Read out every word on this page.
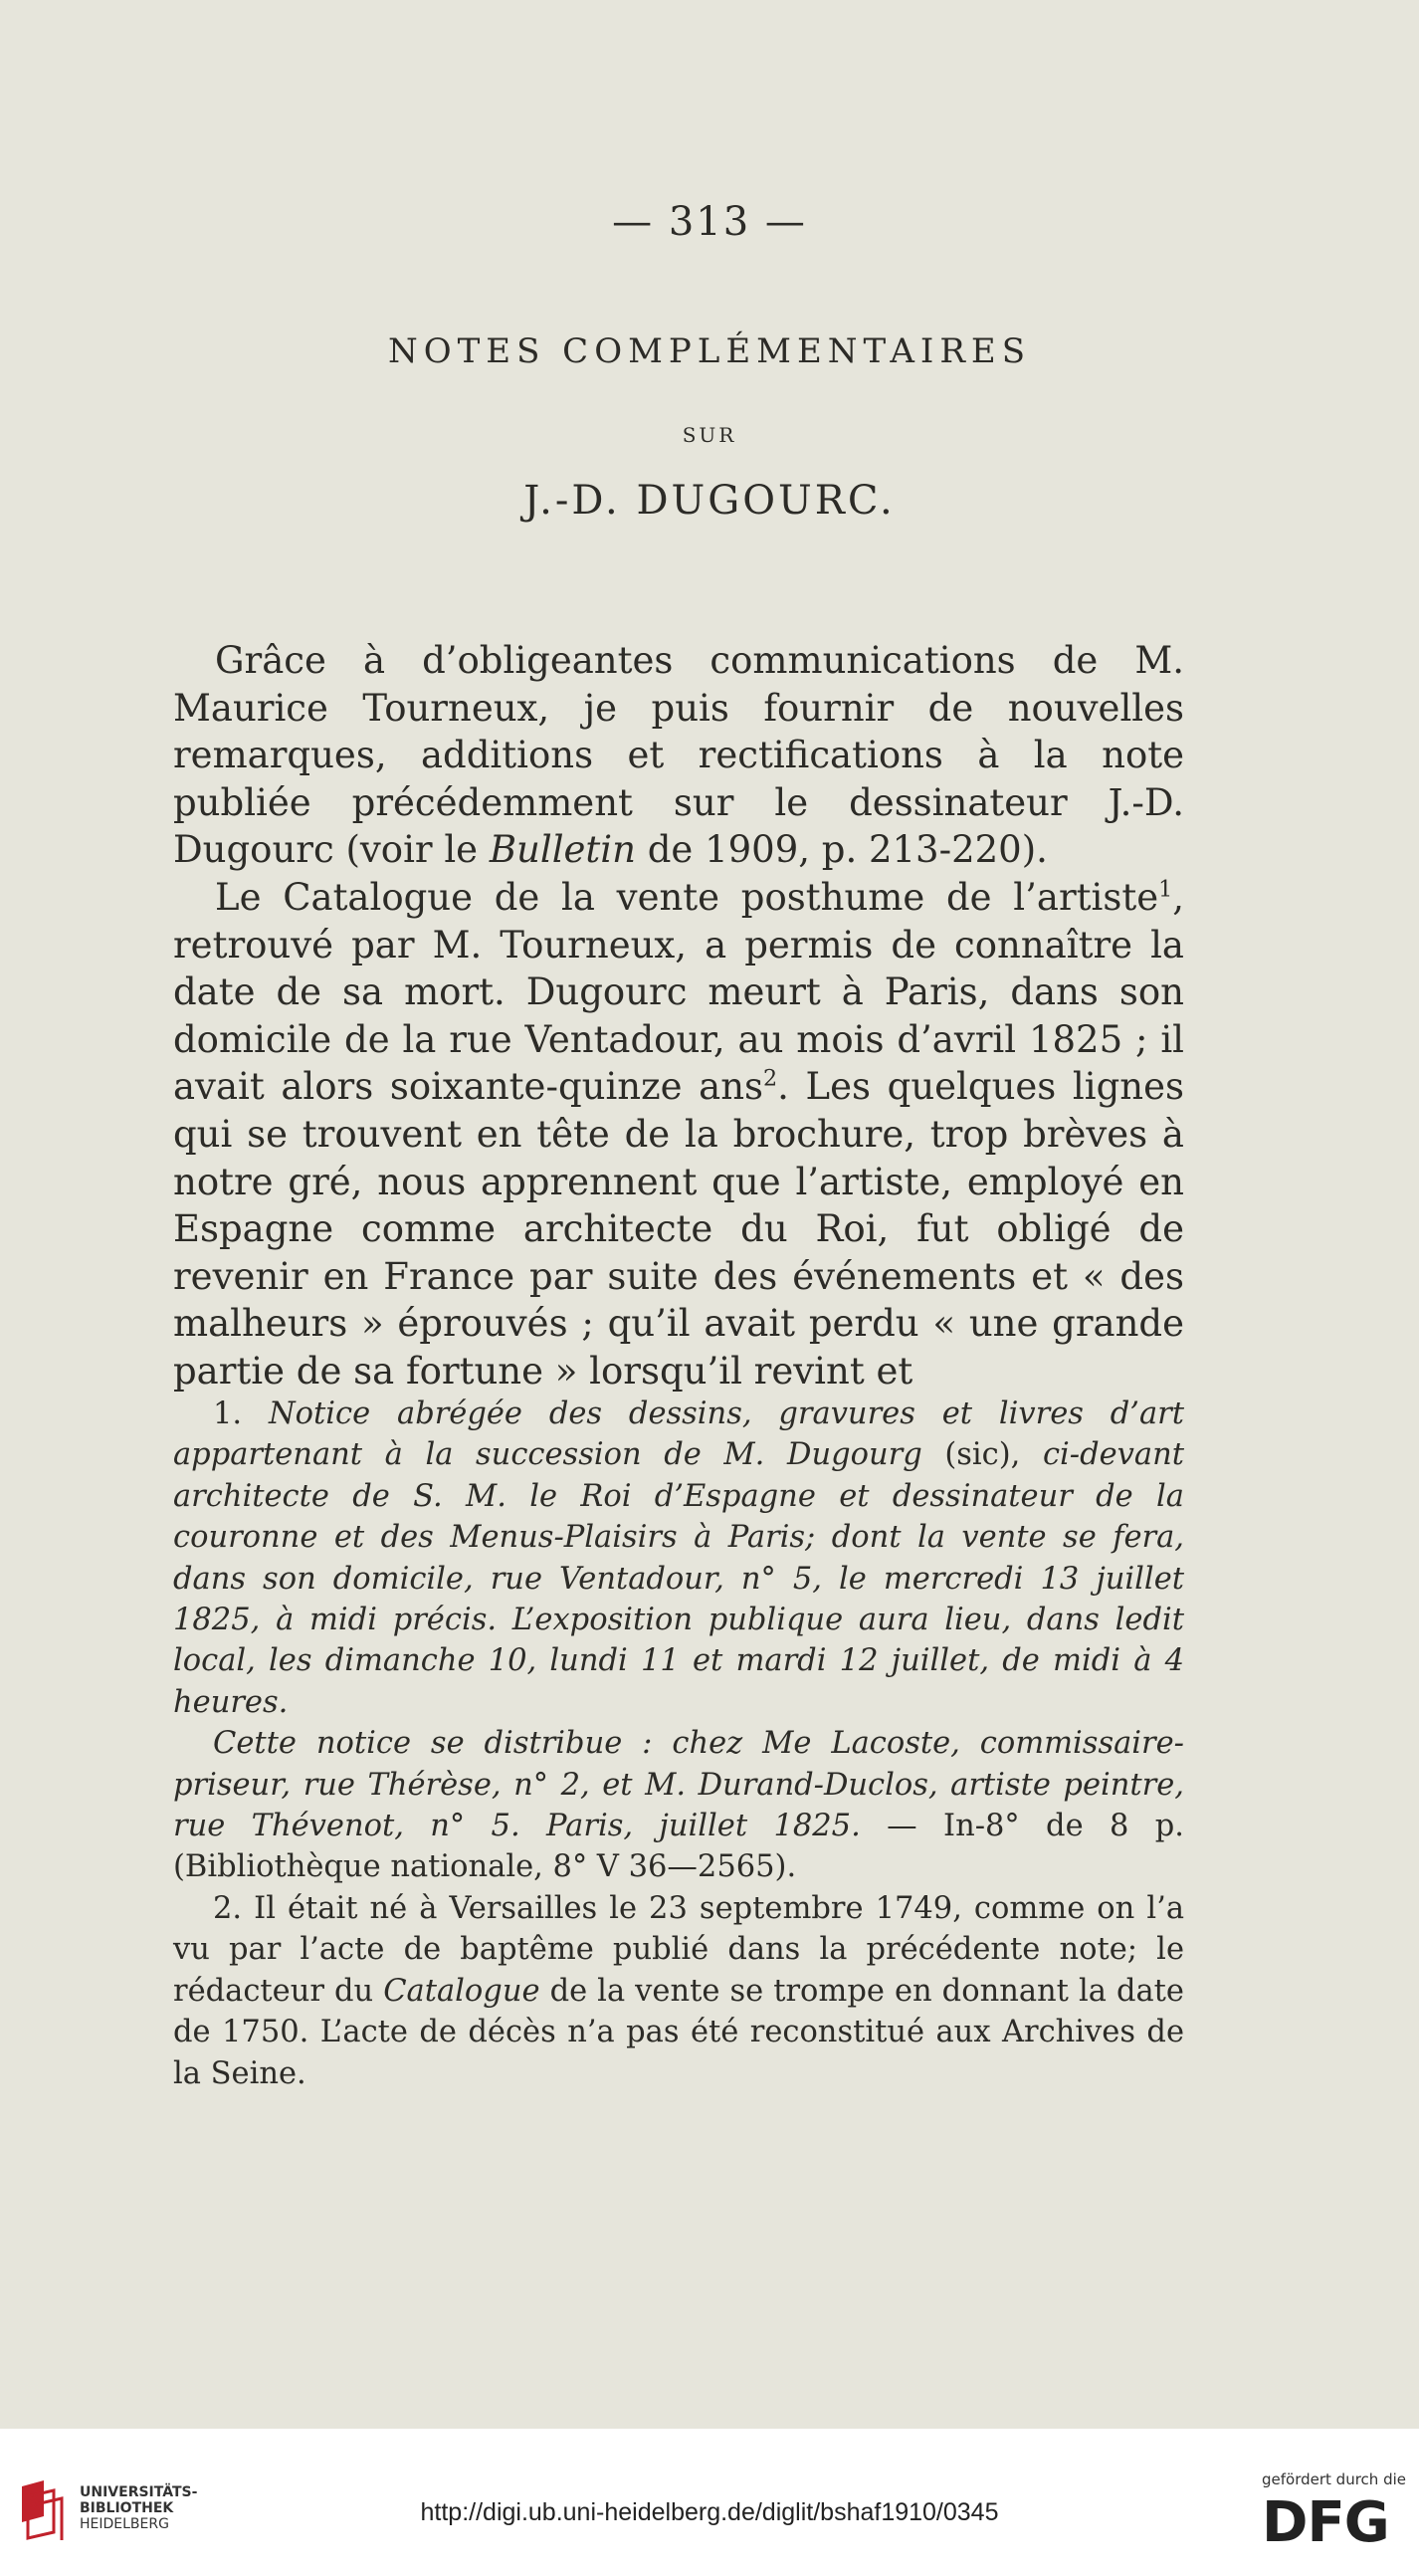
— 313 —
NOTES COMPLÉMENTAIRES
SUR
J.-D. DUGOURC.

Grâce à d’obligeantes communications de M. Maurice Tourneux, je puis fournir de nouvelles remarques, additions et rectifications à la note publiée précédemment sur le dessinateur J.-D. Dugourc (voir le Bulletin de 1909, p. 213-220).

Le Catalogue de la vente posthume de l’artiste$^1$, retrouvé par M. Tourneux, a permis de connaître la date de sa mort. Dugourc meurt à Paris, dans son domicile de la rue Ventadour, au mois d’avril 1825 ; il avait alors soixante-quinze ans$^2$. Les quelques lignes qui se trouvent en tête de la brochure, trop brèves à notre gré, nous apprennent que l’artiste, employé en Espagne comme architecte du Roi, fut obligé de revenir en France par suite des événements et « des malheurs » éprouvés ; qu’il avait perdu « une grande partie de sa fortune » lorsqu’il revint et

1. Notice abrégée des dessins, gravures et livres d’art appartenant à la succession de M. Dugourg (sic), ci-devant architecte de S. M. le Roi d’Espagne et dessinateur de la couronne et des Menus-Plaisirs à Paris; dont la vente se fera, dans son domicile, rue Ventadour, n° 5, le mercredi 13 juillet 1825, à midi précis. L’exposition publique aura lieu, dans ledit local, les dimanche 10, lundi 11 et mardi 12 juillet, de midi à 4 heures.

Cette notice se distribue : chez Me Lacoste, commissaire-priseur, rue Thérèse, n° 2, et M. Durand-Duclos, artiste peintre, rue Thévenot, n° 5. Paris, juillet 1825. — In-8° de 8 p. (Bibliothèque nationale, 8° V 36—2565).

2. Il était né à Versailles le 23 septembre 1749, comme on l’a vu par l’acte de baptême publié dans la précédente note; le rédacteur du Catalogue de la vente se trompe en donnant la date de 1750. L’acte de décès n’a pas été reconstitué aux Archives de la Seine.

UNIVERSITÄTS-
BIBLIOTHEK
HEIDELBERG	http://digi.ub.uni-heidelberg.de/diglit/bshaf1910/0345
gefördert durch die
DFG
